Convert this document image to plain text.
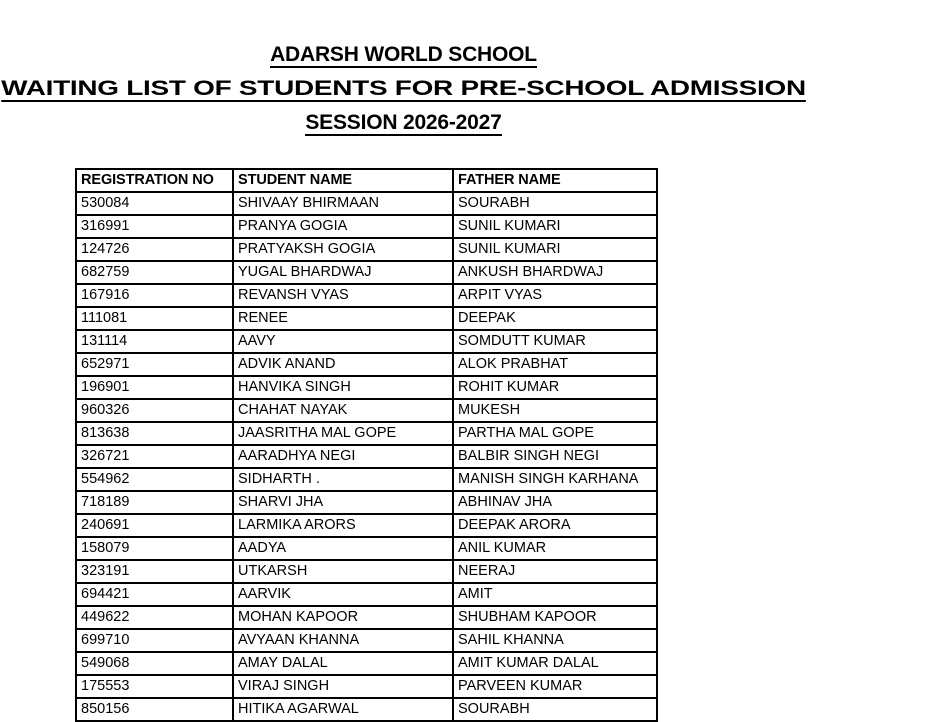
ADARSH WORLD SCHOOL
WAITING LIST OF STUDENTS FOR PRE-SCHOOL ADMISSION
SESSION 2026-2027
REGISTRATION NO	STUDENT NAME	FATHER NAME
530084	SHIVAAY BHIRMAAN	SOURABH
316991	PRANYA GOGIA	SUNIL KUMARI
124726	PRATYAKSH GOGIA	SUNIL KUMARI
682759	YUGAL BHARDWAJ	ANKUSH BHARDWAJ
167916	REVANSH VYAS	ARPIT VYAS
111081	RENEE	DEEPAK
131114	AAVY	SOMDUTT KUMAR
652971	ADVIK ANAND	ALOK PRABHAT
196901	HANVIKA SINGH	ROHIT KUMAR
960326	CHAHAT NAYAK	MUKESH
813638	JAASRITHA MAL GOPE	PARTHA MAL GOPE
326721	AARADHYA NEGI	BALBIR SINGH NEGI
554962	SIDHARTH .	MANISH SINGH KARHANA
718189	SHARVI JHA	ABHINAV JHA
240691	LARMIKA ARORS	DEEPAK ARORA
158079	AADYA	ANIL KUMAR
323191	UTKARSH	NEERAJ
694421	AARVIK	AMIT
449622	MOHAN KAPOOR	SHUBHAM KAPOOR
699710	AVYAAN KHANNA	SAHIL KHANNA
549068	AMAY DALAL	AMIT KUMAR DALAL
175553	VIRAJ SINGH	PARVEEN KUMAR
850156	HITIKA AGARWAL	SOURABH
